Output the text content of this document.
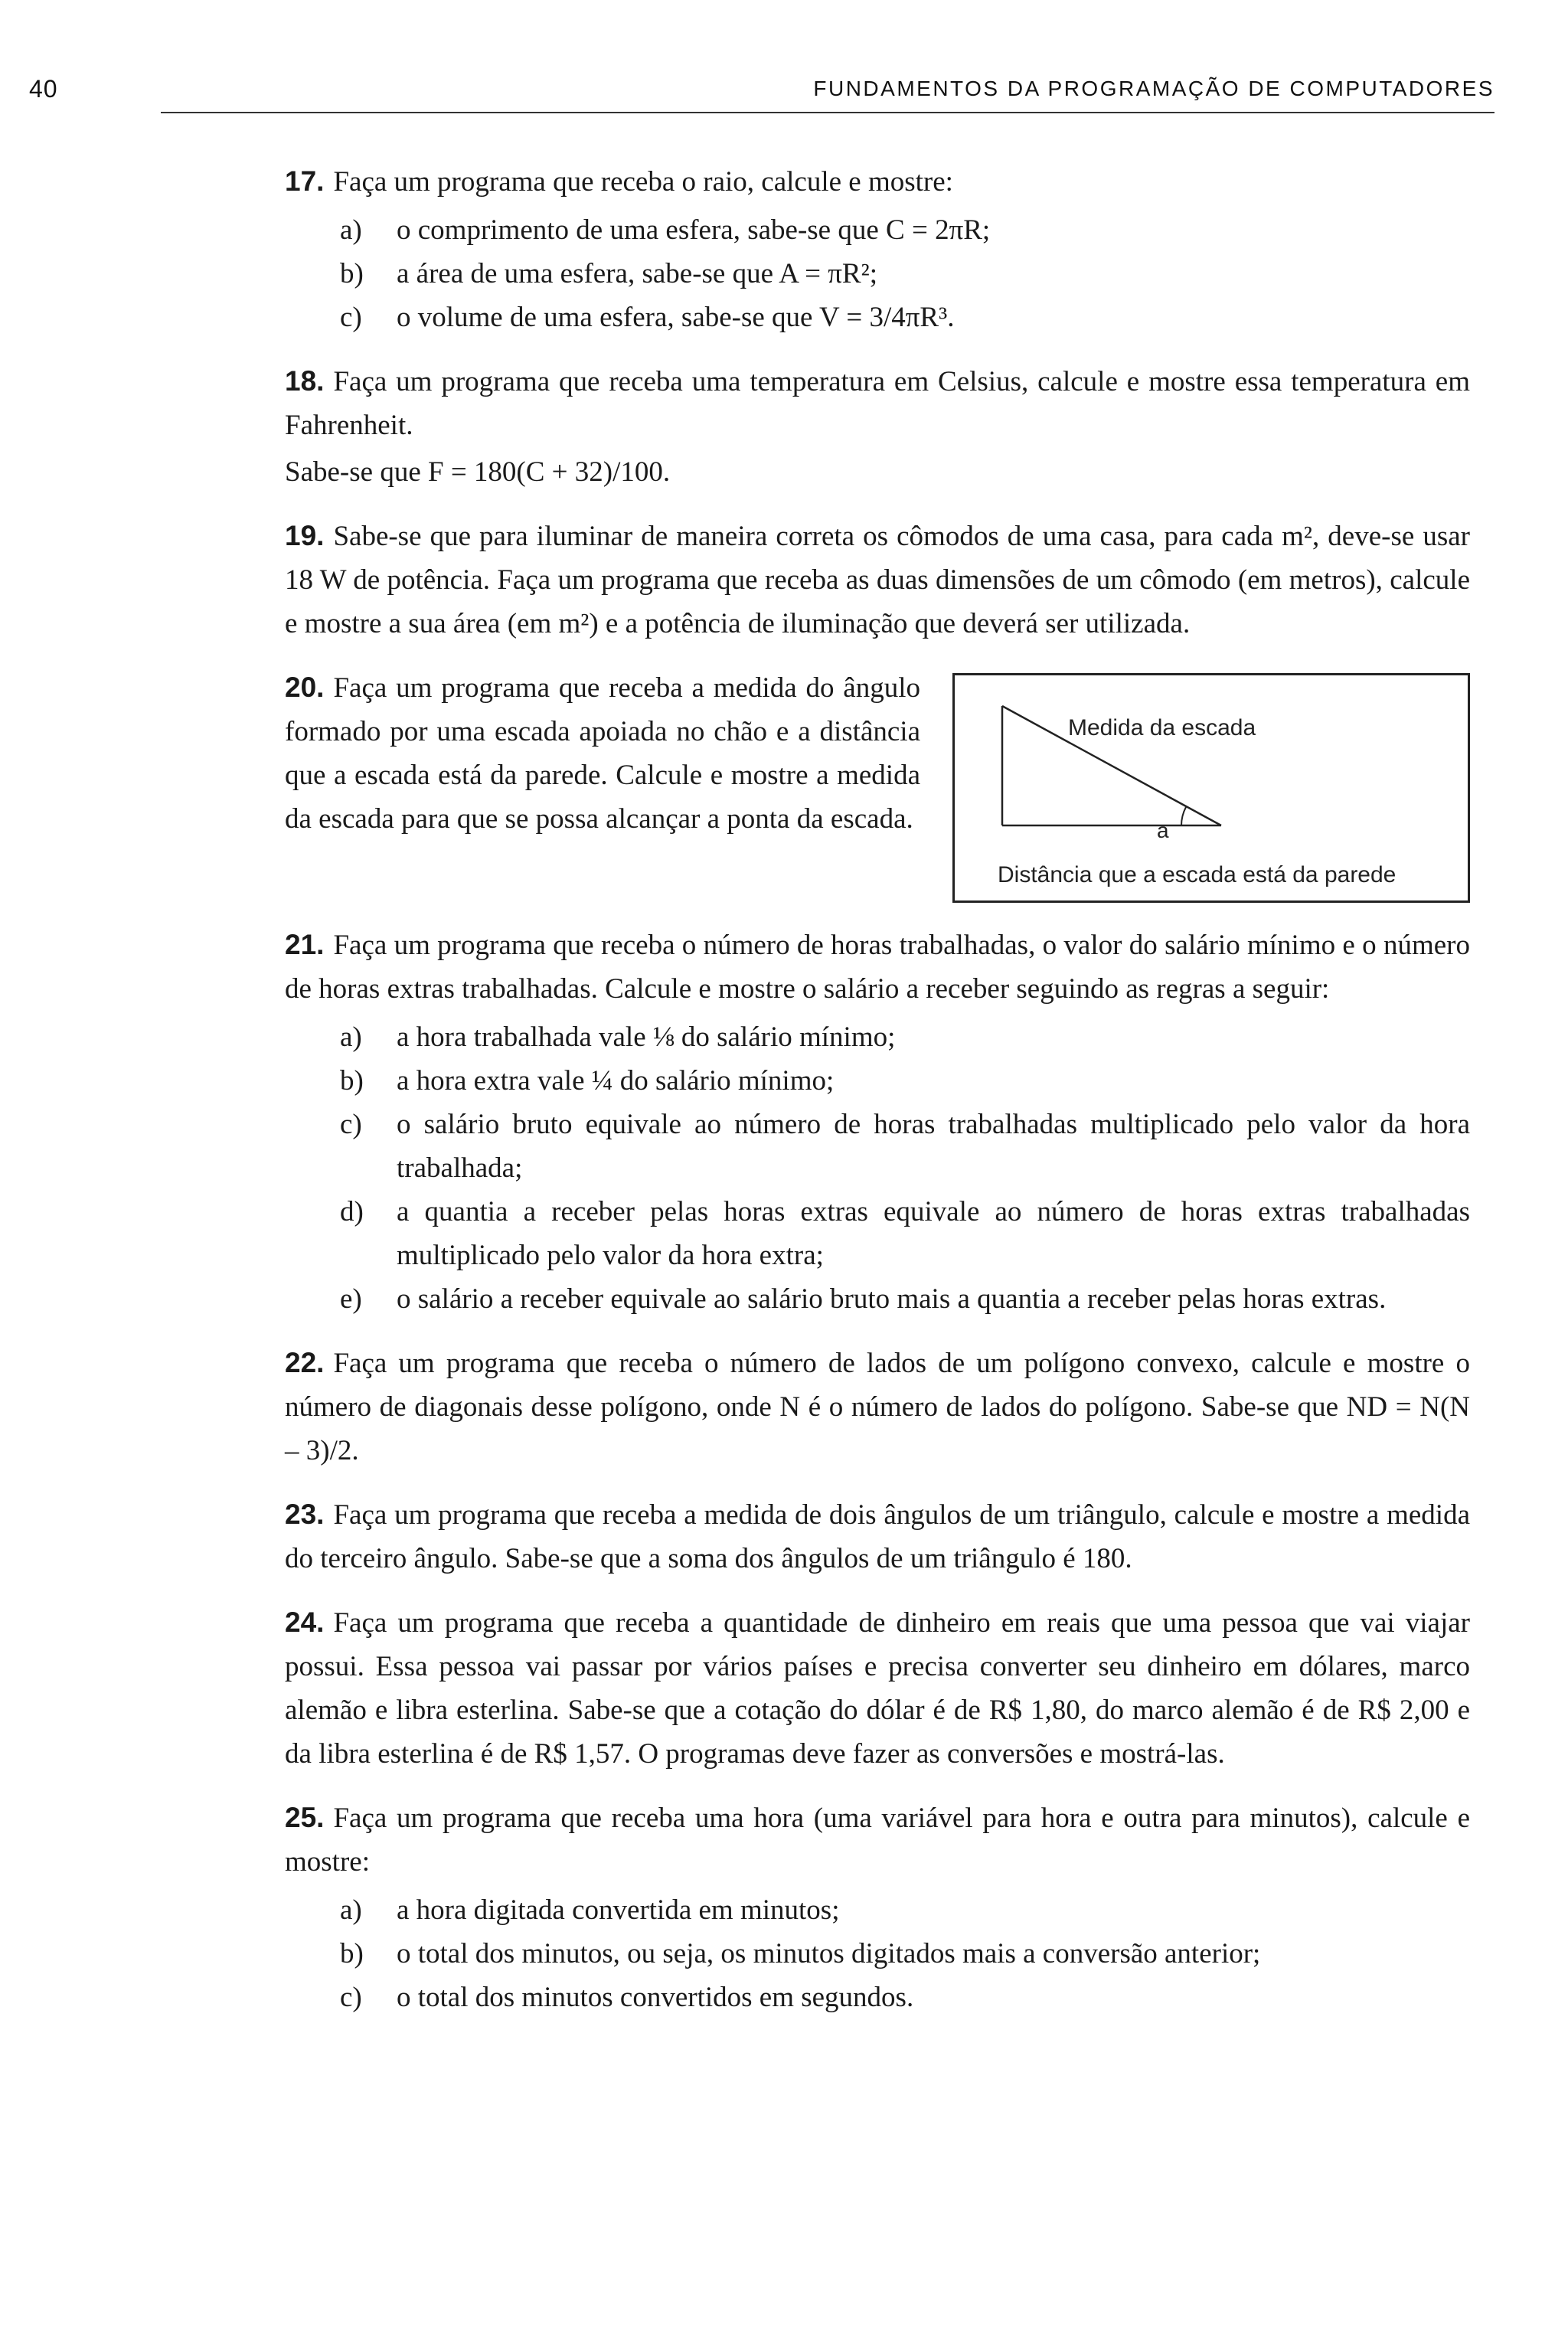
40	FUNDAMENTOS DA PROGRAMAÇÃO DE COMPUTADORES

17. Faça um programa que receba o raio, calcule e mostre:

a) o comprimento de uma esfera, sabe-se que C = 2πR;
b) a área de uma esfera, sabe-se que A = πR²;
c) o volume de uma esfera, sabe-se que V = 3/4πR³.

18. Faça um programa que receba uma temperatura em Celsius, calcule e mostre essa temperatura em Fahrenheit.

Sabe-se que F = 180(C + 32)/100.

19. Sabe-se que para iluminar de maneira correta os cômodos de uma casa, para cada m², deve-se usar 18 W de potência. Faça um programa que receba as duas dimensões de um cômodo (em metros), calcule e mostre a sua área (em m²) e a potência de iluminação que deverá ser utilizada.

20. Faça um programa que receba a medida do ângulo formado por uma escada apoiada no chão e a distância que a escada está da parede. Calcule e mostre a medida da escada para que se possa alcançar a ponta da escada.

Medida da escada
a
Distância que a escada está da parede

21. Faça um programa que receba o número de horas trabalhadas, o valor do salário mínimo e o número de horas extras trabalhadas. Calcule e mostre o salário a receber seguindo as regras a seguir:

a) a hora trabalhada vale ⅛ do salário mínimo;
b) a hora extra vale ¼ do salário mínimo;
c) o salário bruto equivale ao número de horas trabalhadas multiplicado pelo valor da hora trabalhada;
d) a quantia a receber pelas horas extras equivale ao número de horas extras trabalhadas multiplicado pelo valor da hora extra;
e) o salário a receber equivale ao salário bruto mais a quantia a receber pelas horas extras.

22. Faça um programa que receba o número de lados de um polígono convexo, calcule e mostre o número de diagonais desse polígono, onde N é o número de lados do polígono. Sabe-se que ND = N(N – 3)/2.

23. Faça um programa que receba a medida de dois ângulos de um triângulo, calcule e mostre a medida do terceiro ângulo. Sabe-se que a soma dos ângulos de um triângulo é 180.

24. Faça um programa que receba a quantidade de dinheiro em reais que uma pessoa que vai viajar possui. Essa pessoa vai passar por vários países e precisa converter seu dinheiro em dólares, marco alemão e libra esterlina. Sabe-se que a cotação do dólar é de R$ 1,80, do marco alemão é de R$ 2,00 e da libra esterlina é de R$ 1,57. O programas deve fazer as conversões e mostrá-las.

25. Faça um programa que receba uma hora (uma variável para hora e outra para minutos), calcule e mostre:

a) a hora digitada convertida em minutos;
b) o total dos minutos, ou seja, os minutos digitados mais a conversão anterior;
c) o total dos minutos convertidos em segundos.
